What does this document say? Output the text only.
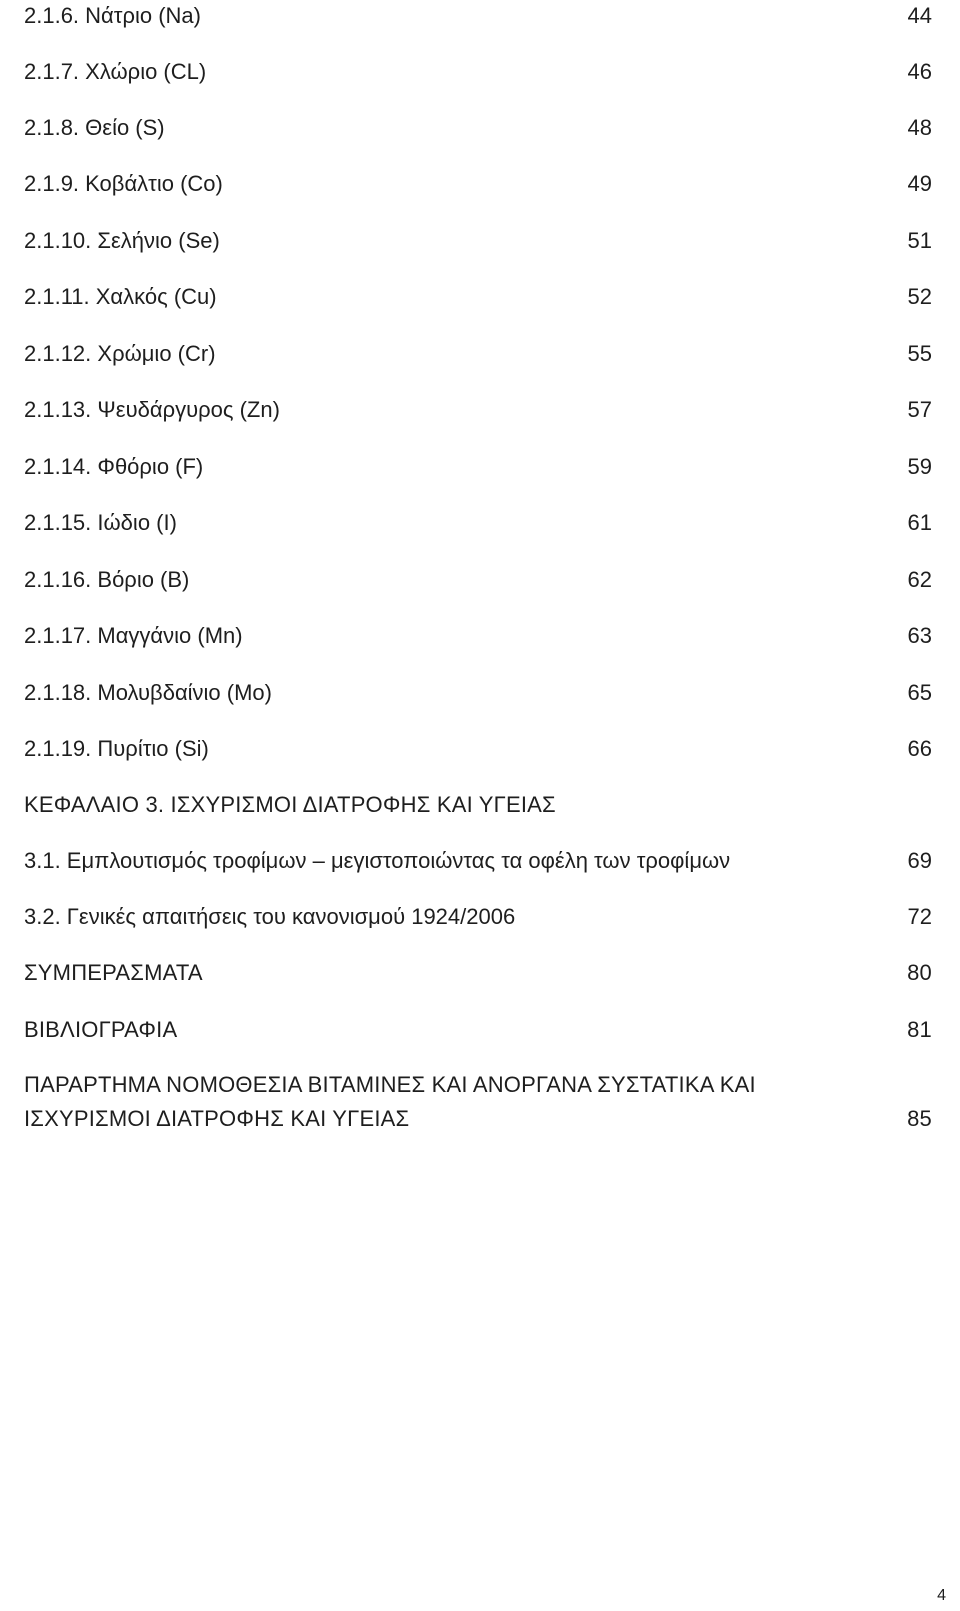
2.1.6. Νάτριο (Na)	44
2.1.7. Χλώριο (CL)	46
2.1.8. Θείο (S)	48
2.1.9. Κοβάλτιο (Co)	49
2.1.10. Σελήνιο (Se)	51
2.1.11. Χαλκός (Cu)	52
2.1.12. Χρώμιο (Cr)	55
2.1.13. Ψευδάργυρος (Zn)	57
2.1.14. Φθόριο (F)	59
2.1.15. Ιώδιο (I)	61
2.1.16. Βόριο (B)	62
2.1.17. Μαγγάνιο (Mn)	63
2.1.18. Μολυβδαίνιο (Mo)	65
2.1.19. Πυρίτιο (Si)	66
ΚΕΦΑΛΑΙΟ 3. ΙΣΧΥΡΙΣΜΟΙ ΔΙΑΤΡΟΦΗΣ ΚΑΙ ΥΓΕΙΑΣ
3.1. Εμπλουτισμός τροφίμων – μεγιστοποιώντας τα οφέλη των τροφίμων	69
3.2. Γενικές απαιτήσεις του κανονισμού 1924/2006	72
ΣΥΜΠΕΡΑΣΜΑΤΑ	80
ΒΙΒΛΙΟΓΡΑΦΙΑ	81
ΠΑΡΑΡΤΗΜΑ ΝΟΜΟΘΕΣΙΑ ΒΙΤΑΜΙΝΕΣ ΚΑΙ ΑΝΟΡΓΑΝΑ ΣΥΣΤΑΤΙΚΑ ΚΑΙ
ΙΣΧΥΡΙΣΜΟΙ ΔΙΑΤΡΟΦΗΣ ΚΑΙ ΥΓΕΙΑΣ	85
4
